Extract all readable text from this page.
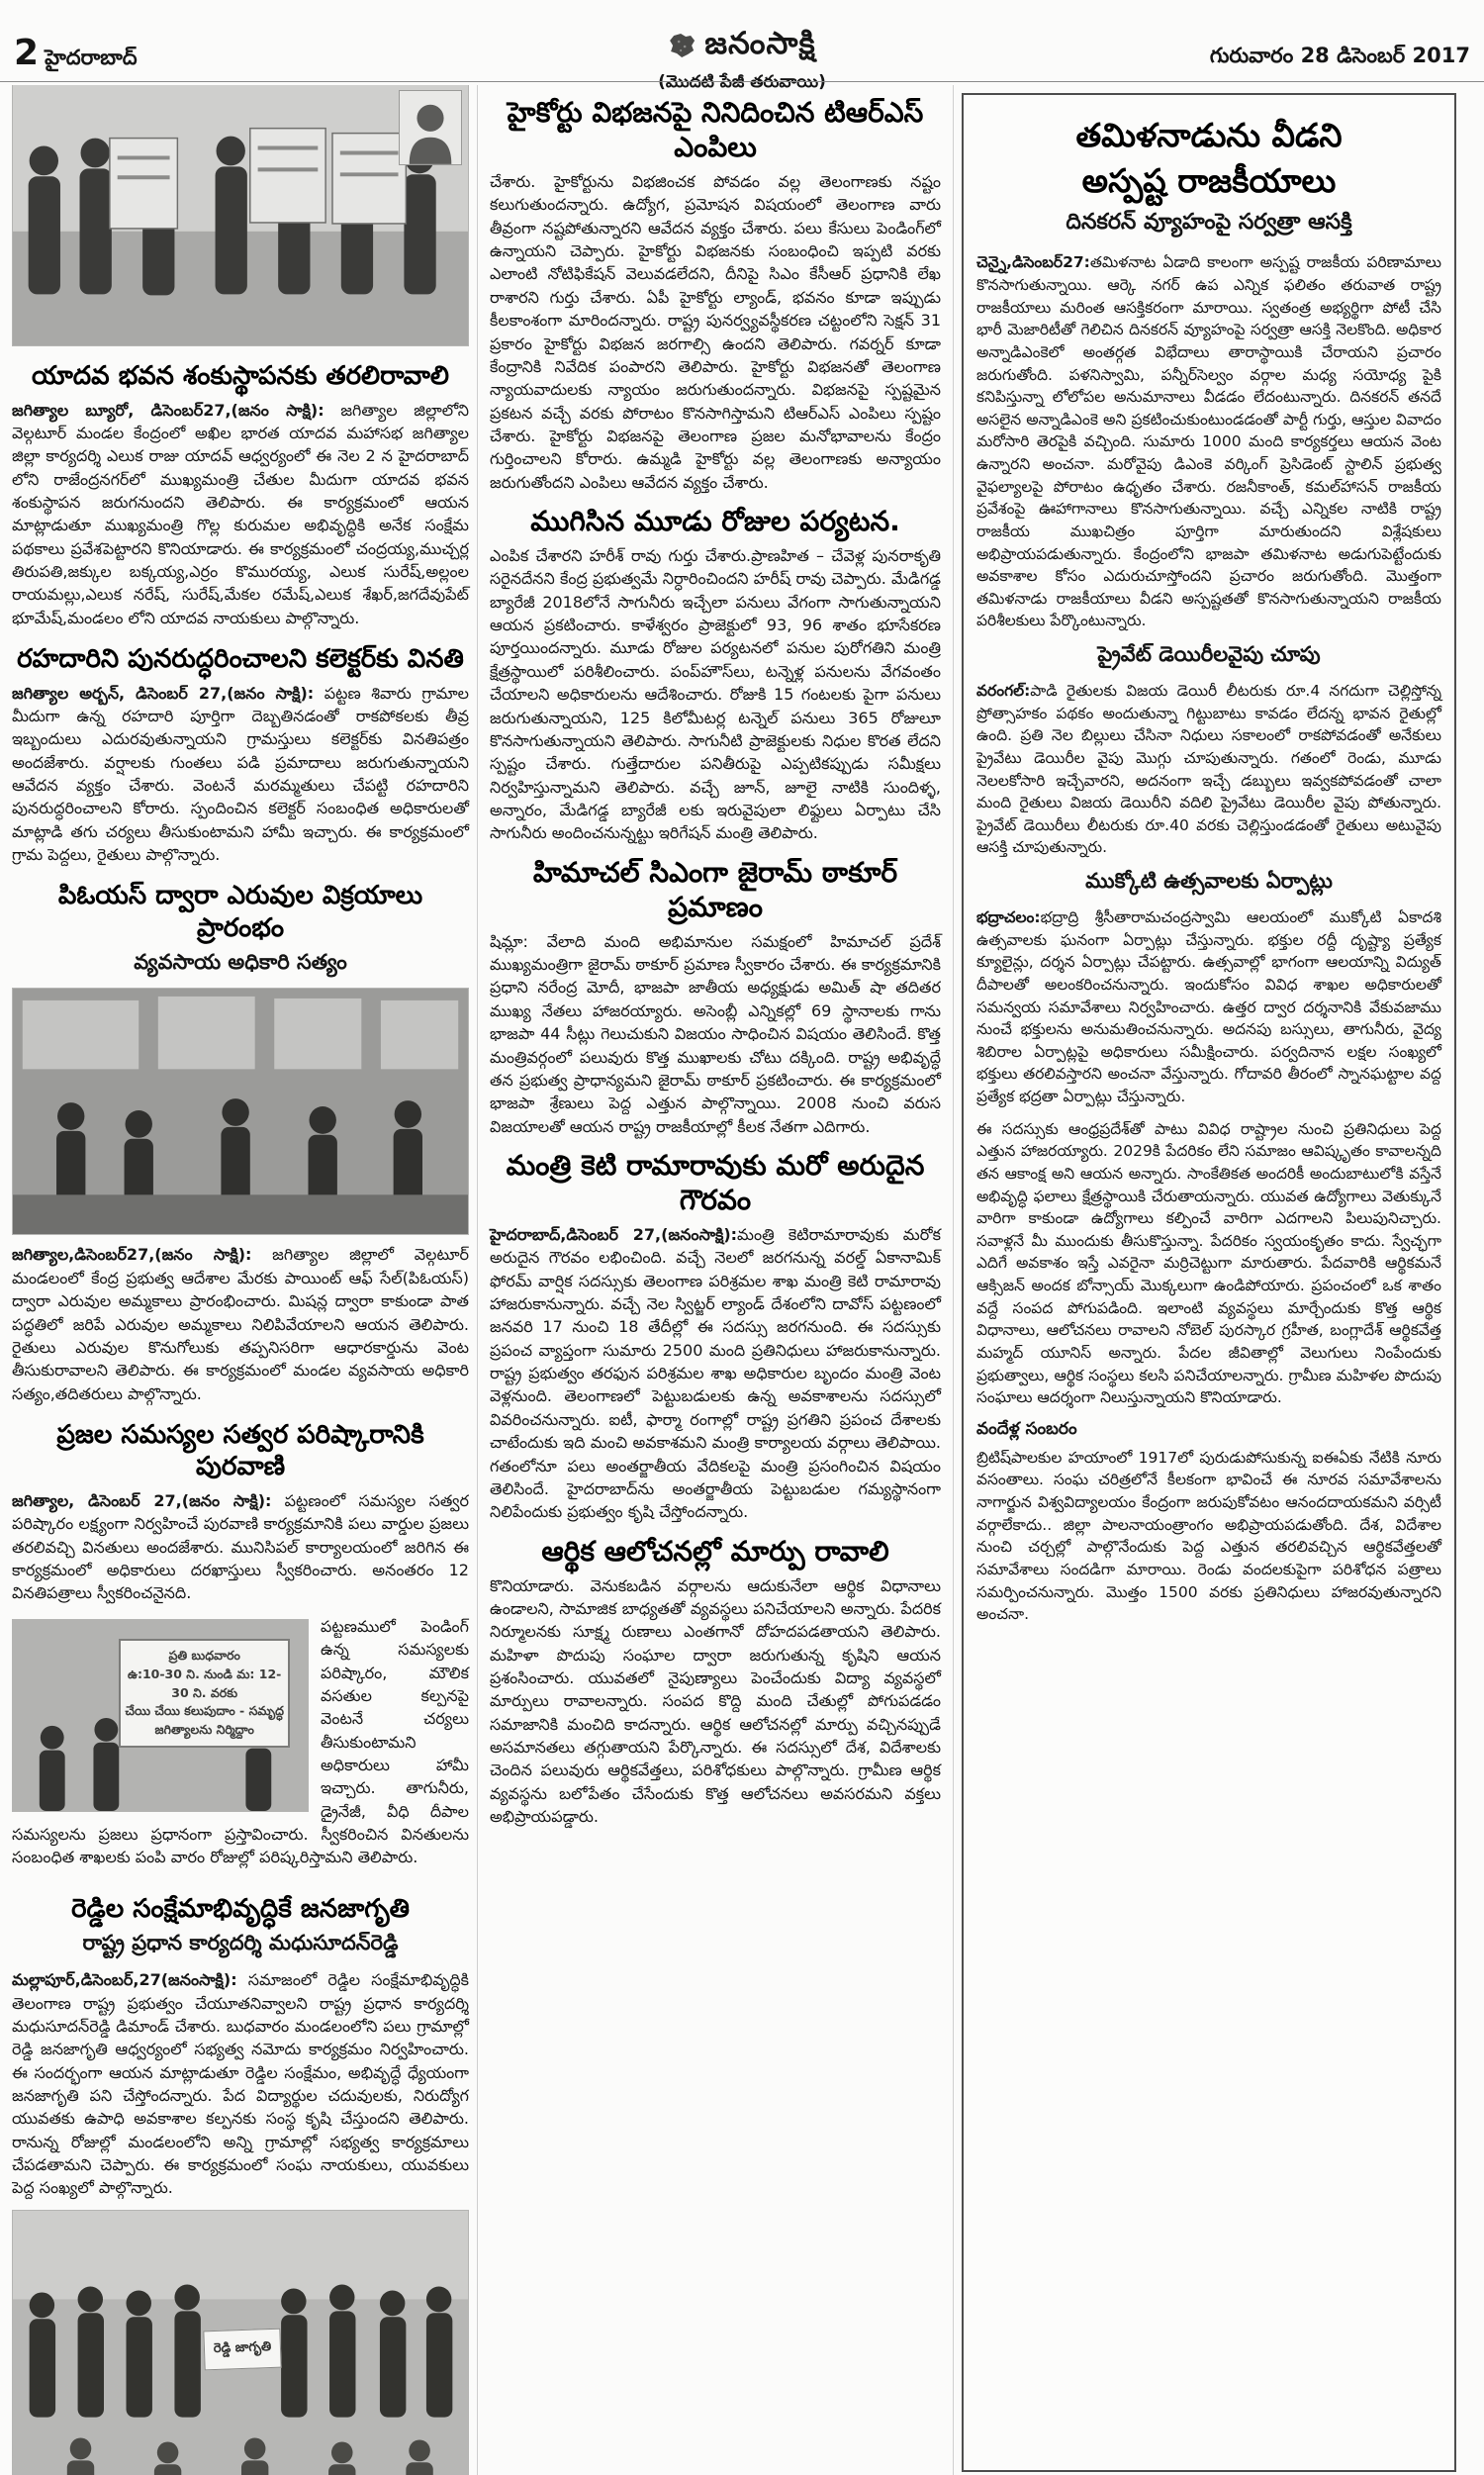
2 హైదరాబాద్	జనంసాక్షి
(మొదటి పేజీ తరువాయి)
గురువారం 28 డిసెంబర్ 2017
యాదవ భవన శంకుస్థాపనకు తరలిరావాలి

జగిత్యాల బ్యూరో, డిసెంబర్27,(జనం సాక్షి): జగిత్యాల జిల్లాలోని వెల్గటూర్ మండల కేంద్రంలో అఖిల భారత యాదవ మహాసభ జగిత్యాల జిల్లా కార్యదర్శి ఎలుక రాజు యాదవ్ ఆధ్వర్యంలో ఈ నెల 2 న హైదరాబాద్ లోని రాజేంద్రనగర్‌లో ముఖ్యమంత్రి చేతుల మీదుగా యాదవ భవన శంకుస్థాపన జరుగనుందని తెలిపారు. ఈ కార్యక్రమంలో ఆయన మాట్లాడుతూ ముఖ్యమంత్రి గొల్ల కురుమల అభివృద్ధికి అనేక సంక్షేమ పథకాలు ప్రవేశపెట్టారని కొనియాడారు. ఈ కార్యక్రమంలో చంద్రయ్య,ముచ్చర్ల తిరుపతి,జక్కుల బక్కయ్య,ఎర్రం కొమురయ్య, ఎలుక సురేష్,అల్లంల రాయమల్లు,ఎలుక నరేష్, సురేష్,మేకల రమేష్,ఎలుక శేఖర్,జగదేవుపేట్ భూమేష్,మండలం లోని యాదవ నాయకులు పాల్గొన్నారు.

రహదారిని పునరుద్ధరించాలని కలెక్టర్‌కు వినతి

జగిత్యాల అర్బన్, డిసెంబర్ 27,(జనం సాక్షి): పట్టణ శివారు గ్రామాల మీదుగా ఉన్న రహదారి పూర్తిగా దెబ్బతినడంతో రాకపోకలకు తీవ్ర ఇబ్బందులు ఎదురవుతున్నాయని గ్రామస్తులు కలెక్టర్‌కు వినతిపత్రం అందజేశారు. వర్షాలకు గుంతలు పడి ప్రమాదాలు జరుగుతున్నాయని ఆవేదన వ్యక్తం చేశారు. వెంటనే మరమ్మతులు చేపట్టి రహదారిని పునరుద్ధరించాలని కోరారు. స్పందించిన కలెక్టర్ సంబంధిత అధికారులతో మాట్లాడి తగు చర్యలు తీసుకుంటామని హామీ ఇచ్చారు. ఈ కార్యక్రమంలో గ్రామ పెద్దలు, రైతులు పాల్గొన్నారు.

పిఓయస్ ద్వారా ఎరువుల విక్రయాలు ప్రారంభం
వ్యవసాయ అధికారి సత్యం

జగిత్యాల,డిసెంబర్27,(జనం సాక్షి): జగిత్యాల జిల్లాలో వెల్గటూర్ మండలంలో కేంద్ర ప్రభుత్వ ఆదేశాల మేరకు పాయింట్ ఆఫ్ సేల్(పిఓయస్) ద్వారా ఎరువుల అమ్మకాలు ప్రారంభించారు. మిషన్ల ద్వారా కాకుండా పాత పద్ధతిలో జరిపే ఎరువుల అమ్మకాలు నిలిపివేయాలని ఆయన తెలిపారు. రైతులు ఎరువుల కొనుగోలుకు తప్పనిసరిగా ఆధారకార్డును వెంట తీసుకురావాలని తెలిపారు. ఈ కార్యక్రమంలో మండల వ్యవసాయ అధికారి సత్యం,తదితరులు పాల్గొన్నారు.

ప్రజల సమస్యల సత్వర పరిష్కారానికి పురవాణి

జగిత్యాల, డిసెంబర్ 27,(జనం సాక్షి): పట్టణంలో సమస్యల సత్వర పరిష్కారం లక్ష్యంగా నిర్వహించే పురవాణి కార్యక్రమానికి పలు వార్డుల ప్రజలు తరలివచ్చి వినతులు అందజేశారు. మునిసిపల్ కార్యాలయంలో జరిగిన ఈ కార్యక్రమంలో అధికారులు దరఖాస్తులు స్వీకరించారు. అనంతరం 12 వినతిపత్రాలు స్వీకరించనైనది.

ప్రతి బుధవారం
ఉ:10-30 ని. నుండి మ: 12-30 ని. వరకు
చేయి చేయి కలుపుదాం - సమృద్ధ జగిత్యాలను నిర్మిద్దాం

పట్టణములో పెండింగ్ ఉన్న సమస్యలకు పరిష్కారం, మౌలిక వసతుల కల్పనపై వెంటనే చర్యలు తీసుకుంటామని అధికారులు హామీ ఇచ్చారు. తాగునీరు, డ్రైనేజీ, వీధి దీపాల సమస్యలను ప్రజలు ప్రధానంగా ప్రస్తావించారు. స్వీకరించిన వినతులను సంబంధిత శాఖలకు పంపి వారం రోజుల్లో పరిష్కరిస్తామని తెలిపారు.

రెడ్డిల సంక్షేమాభివృద్ధికే జనజాగృతి
రాష్ట్ర ప్రధాన కార్యదర్శి మధుసూదన్‌రెడ్డి

మల్లాపూర్,డిసెంబర్,27(జనంసాక్షి): సమాజంలో రెడ్డిల సంక్షేమాభివృద్ధికి తెలంగాణ రాష్ట్ర ప్రభుత్వం చేయూతనివ్వాలని రాష్ట్ర ప్రధాన కార్యదర్శి మధుసూదన్‌రెడ్డి డిమాండ్ చేశారు. బుధవారం మండలంలోని పలు గ్రామాల్లో రెడ్డి జనజాగృతి ఆధ్వర్యంలో సభ్యత్వ నమోదు కార్యక్రమం నిర్వహించారు. ఈ సందర్భంగా ఆయన మాట్లాడుతూ రెడ్డిల సంక్షేమం, అభివృద్ధే ధ్యేయంగా జనజాగృతి పని చేస్తోందన్నారు. పేద విద్యార్థుల చదువులకు, నిరుద్యోగ యువతకు ఉపాధి అవకాశాల కల్పనకు సంస్థ కృషి చేస్తుందని తెలిపారు. రానున్న రోజుల్లో మండలంలోని అన్ని గ్రామాల్లో సభ్యత్వ కార్యక్రమాలు చేపడతామని చెప్పారు. ఈ కార్యక్రమంలో సంఘ నాయకులు, యువకులు పెద్ద సంఖ్యలో పాల్గొన్నారు.

రెడ్డి జాగృతి
హైకోర్టు విభజనపై నినిదించిన టిఆర్ఎస్ ఎంపిలు

చేశారు. హైకోర్టును విభజించక పోవడం వల్ల తెలంగాణకు నష్టం కలుగుతుందన్నారు. ఉద్యోగ, ప్రమోషన విషయంలో తెలంగాణ వారు తీవ్రంగా నష్టపోతున్నారని ఆవేదన వ్యక్తం చేశారు. పలు కేసులు పెండింగ్‌లో ఉన్నాయని చెప్పారు. హైకోర్టు విభజనకు సంబంధించి ఇప్పటి వరకు ఎలాంటి నోటిఫికేషన్ వెలువడలేదని, దీనిపై సిఎం కేసీఆర్ ప్రధానికి లేఖ రాశారని గుర్తు చేశారు. ఏపీ హైకోర్టు ల్యాండ్, భవనం కూడా ఇప్పుడు కీలకాంశంగా మారిందన్నారు. రాష్ట్ర పునర్వ్యవస్థీకరణ చట్టంలోని సెక్షన్ 31 ప్రకారం హైకోర్టు విభజన జరగాల్సి ఉందని తెలిపారు. గవర్నర్ కూడా కేంద్రానికి నివేదిక పంపారని తెలిపారు. హైకోర్టు విభజనతో తెలంగాణ న్యాయవాదులకు న్యాయం జరుగుతుందన్నారు. విభజనపై స్పష్టమైన ప్రకటన వచ్చే వరకు పోరాటం కొనసాగిస్తామని టిఆర్ఎస్ ఎంపిలు స్పష్టం చేశారు. హైకోర్టు విభజనపై తెలంగాణ ప్రజల మనోభావాలను కేంద్రం గుర్తించాలని కోరారు. ఉమ్మడి హైకోర్టు వల్ల తెలంగాణకు అన్యాయం జరుగుతోందని ఎంపిలు ఆవేదన వ్యక్తం చేశారు.

ముగిసిన మూడు రోజుల పర్యటన.

ఎంపిక చేశారని హరీశ్ రావు గుర్తు చేశారు.ప్రాణహిత – చేవెళ్ల పునరాకృతి సరైనదేనని కేంద్ర ప్రభుత్వమే నిర్ధారించిందని హరీష్ రావు చెప్పారు. మేడిగడ్డ బ్యారేజీ 2018లోనే సాగునీరు ఇచ్చేలా పనులు వేగంగా సాగుతున్నాయని ఆయన ప్రకటించారు. కాళేశ్వరం ప్రాజెక్టులో 93, 96 శాతం భూసేకరణ పూర్తయిందన్నారు. మూడు రోజుల పర్యటనలో పనుల పురోగతిని మంత్రి క్షేత్రస్థాయిలో పరిశీలించారు. పంప్‌హౌస్‌లు, టన్నెళ్ల పనులను వేగవంతం చేయాలని అధికారులను ఆదేశించారు. రోజుకి 15 గంటలకు పైగా పనులు జరుగుతున్నాయని, 125 కిలోమీటర్ల టన్నెల్ పనులు 365 రోజులూ కొనసాగుతున్నాయని తెలిపారు. సాగునీటి ప్రాజెక్టులకు నిధుల కొరత లేదని స్పష్టం చేశారు. గుత్తేదారుల పనితీరుపై ఎప్పటికప్పుడు సమీక్షలు నిర్వహిస్తున్నామని తెలిపారు. వచ్చే జూన్, జూలై నాటికి సుందిళ్ళ, అన్నారం, మేడిగడ్డ బ్యారేజీ లకు ఇరువైపులా లిఫ్టులు ఏర్పాటు చేసి సాగునీరు అందించనున్నట్టు ఇరిగేషన్ మంత్రి తెలిపారు.

హిమాచల్ సిఎంగా జైరామ్ ఠాకూర్ ప్రమాణం

షిమ్లా: వేలాది మంది అభిమానుల సమక్షంలో హిమాచల్ ప్రదేశ్ ముఖ్యమంత్రిగా జైరామ్ ఠాకూర్ ప్రమాణ స్వీకారం చేశారు. ఈ కార్యక్రమానికి ప్రధాని నరేంద్ర మోదీ, భాజపా జాతీయ అధ్యక్షుడు అమిత్ షా తదితర ముఖ్య నేతలు హాజరయ్యారు. అసెంబ్లీ ఎన్నికల్లో 69 స్థానాలకు గాను భాజపా 44 సీట్లు గెలుచుకుని విజయం సాధించిన విషయం తెలిసిందే. కొత్త మంత్రివర్గంలో పలువురు కొత్త ముఖాలకు చోటు దక్కింది. రాష్ట్ర అభివృద్ధే తన ప్రభుత్వ ప్రాధాన్యమని జైరామ్ ఠాకూర్ ప్రకటించారు. ఈ కార్యక్రమంలో భాజపా శ్రేణులు పెద్ద ఎత్తున పాల్గొన్నాయి. 2008 నుంచి వరుస విజయాలతో ఆయన రాష్ట్ర రాజకీయాల్లో కీలక నేతగా ఎదిగారు.

మంత్రి కెటి రామారావుకు మరో అరుదైన గౌరవం

హైదరాబాద్,డిసెంబర్ 27,(జనంసాక్షి):మంత్రి కెటిరామారావుకు మరోక అరుదైన గౌరవం లభించింది. వచ్చే నెలలో జరగనున్న వరల్డ్ ఏకానామిక్ ఫోరమ్ వార్షిక సదస్సుకు తెలంగాణ పరిశ్రమల శాఖ మంత్రి కెటి రామారావు హాజరుకానున్నారు. వచ్చే నెల స్విట్జర్ ల్యాండ్ దేశంలోని దావోస్ పట్టణంలో జనవరి 17 నుంచి 18 తేదీల్లో ఈ సదస్సు జరగనుంది. ఈ సదస్సుకు ప్రపంచ వ్యాప్తంగా సుమారు 2500 మంది ప్రతినిధులు హాజరుకానున్నారు. రాష్ట్ర ప్రభుత్వం తరఫున పరిశ్రమల శాఖ అధికారుల బృందం మంత్రి వెంట వెళ్లనుంది. తెలంగాణలో పెట్టుబడులకు ఉన్న అవకాశాలను సదస్సులో వివరించనున్నారు. ఐటీ, ఫార్మా రంగాల్లో రాష్ట్ర ప్రగతిని ప్రపంచ దేశాలకు చాటేందుకు ఇది మంచి అవకాశమని మంత్రి కార్యాలయ వర్గాలు తెలిపాయి. గతంలోనూ పలు అంతర్జాతీయ వేదికలపై మంత్రి ప్రసంగించిన విషయం తెలిసిందే. హైదరాబాద్‌ను అంతర్జాతీయ పెట్టుబడుల గమ్యస్థానంగా నిలిపేందుకు ప్రభుత్వం కృషి చేస్తోందన్నారు.

ఆర్థిక ఆలోచనల్లో మార్పు రావాలి

కొనియాడారు. వెనుకబడిన వర్గాలను ఆదుకునేలా ఆర్థిక విధానాలు ఉండాలని, సామాజిక బాధ్యతతో వ్యవస్థలు పనిచేయాలని అన్నారు. పేదరిక నిర్మూలనకు సూక్ష్మ రుణాలు ఎంతగానో దోహదపడతాయని తెలిపారు. మహిళా పొదుపు సంఘాల ద్వారా జరుగుతున్న కృషిని ఆయన ప్రశంసించారు. యువతలో నైపుణ్యాలు పెంచేందుకు విద్యా వ్యవస్థలో మార్పులు రావాలన్నారు. సంపద కొద్ది మంది చేతుల్లో పోగుపడడం సమాజానికి మంచిది కాదన్నారు. ఆర్థిక ఆలోచనల్లో మార్పు వచ్చినప్పుడే అసమానతలు తగ్గుతాయని పేర్కొన్నారు. ఈ సదస్సులో దేశ, విదేశాలకు చెందిన పలువురు ఆర్థికవేత్తలు, పరిశోధకులు పాల్గొన్నారు. గ్రామీణ ఆర్థిక వ్యవస్థను బలోపేతం చేసేందుకు కొత్త ఆలోచనలు అవసరమని వక్తలు అభిప్రాయపడ్డారు.

తమిళనాడును వీడని
అస్పష్ట రాజకీయాలు
దినకరన్ వ్యూహంపై సర్వత్రా ఆసక్తి

చెన్నై,డిసెంబర్27:తమిళనాట ఏడాది కాలంగా అస్పష్ట రాజకీయ పరిణామాలు కొనసాగుతున్నాయి. ఆర్కె నగర్ ఉప ఎన్నిక ఫలితం తరువాత రాష్ట్ర రాజకీయాలు మరింత ఆసక్తికరంగా మారాయి. స్వతంత్ర అభ్యర్థిగా పోటీ చేసి భారీ మెజారిటీతో గెలిచిన దినకరన్ వ్యూహంపై సర్వత్రా ఆసక్తి నెలకొంది. అధికార అన్నాడిఎంకెలో అంతర్గత విభేదాలు తారాస్థాయికి చేరాయని ప్రచారం జరుగుతోంది. పళనిస్వామి, పన్నీర్‌సెల్వం వర్గాల మధ్య సయోధ్య పైకి కనిపిస్తున్నా లోలోపల అనుమానాలు వీడడం లేదంటున్నారు. దినకరన్ తనదే అసలైన అన్నాడిఎంకె అని ప్రకటించుకుంటుండడంతో పార్టీ గుర్తు, ఆస్తుల వివాదం మరోసారి తెరపైకి వచ్చింది. సుమారు 1000 మంది కార్యకర్తలు ఆయన వెంట ఉన్నారని అంచనా. మరోవైపు డిఎంకె వర్కింగ్ ప్రెసిడెంట్ స్టాలిన్ ప్రభుత్వ వైఫల్యాలపై పోరాటం ఉధృతం చేశారు. రజనీకాంత్, కమల్‌హాసన్ రాజకీయ ప్రవేశంపై ఊహాగానాలు కొనసాగుతున్నాయి. వచ్చే ఎన్నికల నాటికి రాష్ట్ర రాజకీయ ముఖచిత్రం పూర్తిగా మారుతుందని విశ్లేషకులు అభిప్రాయపడుతున్నారు. కేంద్రంలోని భాజపా తమిళనాట అడుగుపెట్టేందుకు అవకాశాల కోసం ఎదురుచూస్తోందని ప్రచారం జరుగుతోంది. మొత్తంగా తమిళనాడు రాజకీయాలు వీడని అస్పష్టతతో కొనసాగుతున్నాయని రాజకీయ పరిశీలకులు పేర్కొంటున్నారు.

ప్రైవేట్ డెయిరీలవైపు చూపు

వరంగల్:పాడి రైతులకు విజయ డెయిరీ లీటరుకు రూ.4 నగదుగా చెల్లిస్తోన్న ప్రోత్సాహకం పథకం అందుతున్నా గిట్టుబాటు కావడం లేదన్న భావన రైతుల్లో ఉంది. ప్రతి నెల బిల్లులు చేసినా నిధులు సకాలంలో రాకపోవడంతో అనేకులు ప్రైవేటు డెయిరీల వైపు మొగ్గు చూపుతున్నారు. గతంలో రెండు, మూడు నెలలకోసారి ఇచ్చేవారని, అదనంగా ఇచ్చే డబ్బులు ఇవ్వకపోవడంతో చాలా మంది రైతులు విజయ డెయిరీని వదిలి ప్రైవేటు డెయిరీల వైపు పోతున్నారు. ప్రైవేట్ డెయిరీలు లీటరుకు రూ.40 వరకు చెల్లిస్తుండడంతో రైతులు అటువైపు ఆసక్తి చూపుతున్నారు.

ముక్కోటి ఉత్సవాలకు ఏర్పాట్లు

భద్రాచలం:భద్రాద్రి శ్రీసీతారామచంద్రస్వామి ఆలయంలో ముక్కోటి ఏకాదశి ఉత్సవాలకు ఘనంగా ఏర్పాట్లు చేస్తున్నారు. భక్తుల రద్దీ దృష్ట్యా ప్రత్యేక క్యూలైన్లు, దర్శన ఏర్పాట్లు చేపట్టారు. ఉత్సవాల్లో భాగంగా ఆలయాన్ని విద్యుత్ దీపాలతో అలంకరించనున్నారు. ఇందుకోసం వివిధ శాఖల అధికారులతో సమన్వయ సమావేశాలు నిర్వహించారు. ఉత్తర ద్వార దర్శనానికి వేకువజాము నుంచే భక్తులను అనుమతించనున్నారు. అదనపు బస్సులు, తాగునీరు, వైద్య శిబిరాల ఏర్పాట్లపై అధికారులు సమీక్షించారు. పర్వదినాన లక్షల సంఖ్యలో భక్తులు తరలివస్తారని అంచనా వేస్తున్నారు. గోదావరి తీరంలో స్నానఘట్టాల వద్ద ప్రత్యేక భద్రతా ఏర్పాట్లు చేస్తున్నారు.

ఈ సదస్సుకు ఆంధ్రప్రదేశ్‌తో పాటు వివిధ రాష్ట్రాల నుంచి ప్రతినిధులు పెద్ద ఎత్తున హాజరయ్యారు. 2029కి పేదరికం లేని సమాజం ఆవిష్కృతం కావాలన్నది తన ఆకాంక్ష అని ఆయన అన్నారు. సాంకేతికత అందరికీ అందుబాటులోకి వస్తేనే అభివృద్ధి ఫలాలు క్షేత్రస్థాయికి చేరుతాయన్నారు. యువత ఉద్యోగాలు వెతుక్కునే వారిగా కాకుండా ఉద్యోగాలు కల్పించే వారిగా ఎదగాలని పిలుపునిచ్చారు. సవాళ్లనే మీ ముందుకు తీసుకొస్తున్నా. పేదరికం స్వయంకృతం కాదు. స్వేచ్ఛగా ఎదిగే అవకాశం ఇస్తే ఎవరైనా మర్రిచెట్టుగా మారుతారు. పేదవారికి ఆర్థికమనే ఆక్సిజన్ అందక బోన్సాయ్ మొక్కలుగా ఉండిపోయారు. ప్రపంచంలో ఒక శాతం వద్దే సంపద పోగుపడింది. ఇలాంటి వ్యవస్థలు మార్చేందుకు కొత్త ఆర్థిక విధానాలు, ఆలోచనలు రావాలని నోబెల్ పురస్కార గ్రహీత, బంగ్లాదేశ్ ఆర్థికవేత్త మహ్మద్ యూనిస్ అన్నారు. పేదల జీవితాల్లో వెలుగులు నింపేందుకు ప్రభుత్వాలు, ఆర్థిక సంస్థలు కలసి పనిచేయాలన్నారు. గ్రామీణ మహిళల పొదుపు సంఘాలు ఆదర్శంగా నిలుస్తున్నాయని కొనియాడారు.

వందేళ్ల సంబరం

బ్రిటిష్‌పాలకుల హయాంలో 1917లో పురుడుపోసుకున్న ఐఈఏకు నేటికి నూరు వసంతాలు. సంఘ చరిత్రలోనే కీలకంగా భావించే ఈ నూరవ సమావేశాలను నాగార్జున విశ్వవిద్యాలయం కేంద్రంగా జరుపుకోవటం ఆనందదాయకమని వర్సిటీ వర్గాలేకాదు.. జిల్లా పాలనాయంత్రాంగం అభిప్రాయపడుతోంది. దేశ, విదేశాల నుంచి చర్చల్లో పాల్గొనేందుకు పెద్ద ఎత్తున తరలివచ్చిన ఆర్థికవేత్తలతో సమావేశాలు సందడిగా మారాయి. రెండు వందలకుపైగా పరిశోధన పత్రాలు సమర్పించనున్నారు. మొత్తం 1500 వరకు ప్రతినిధులు హాజరవుతున్నారని అంచనా.
